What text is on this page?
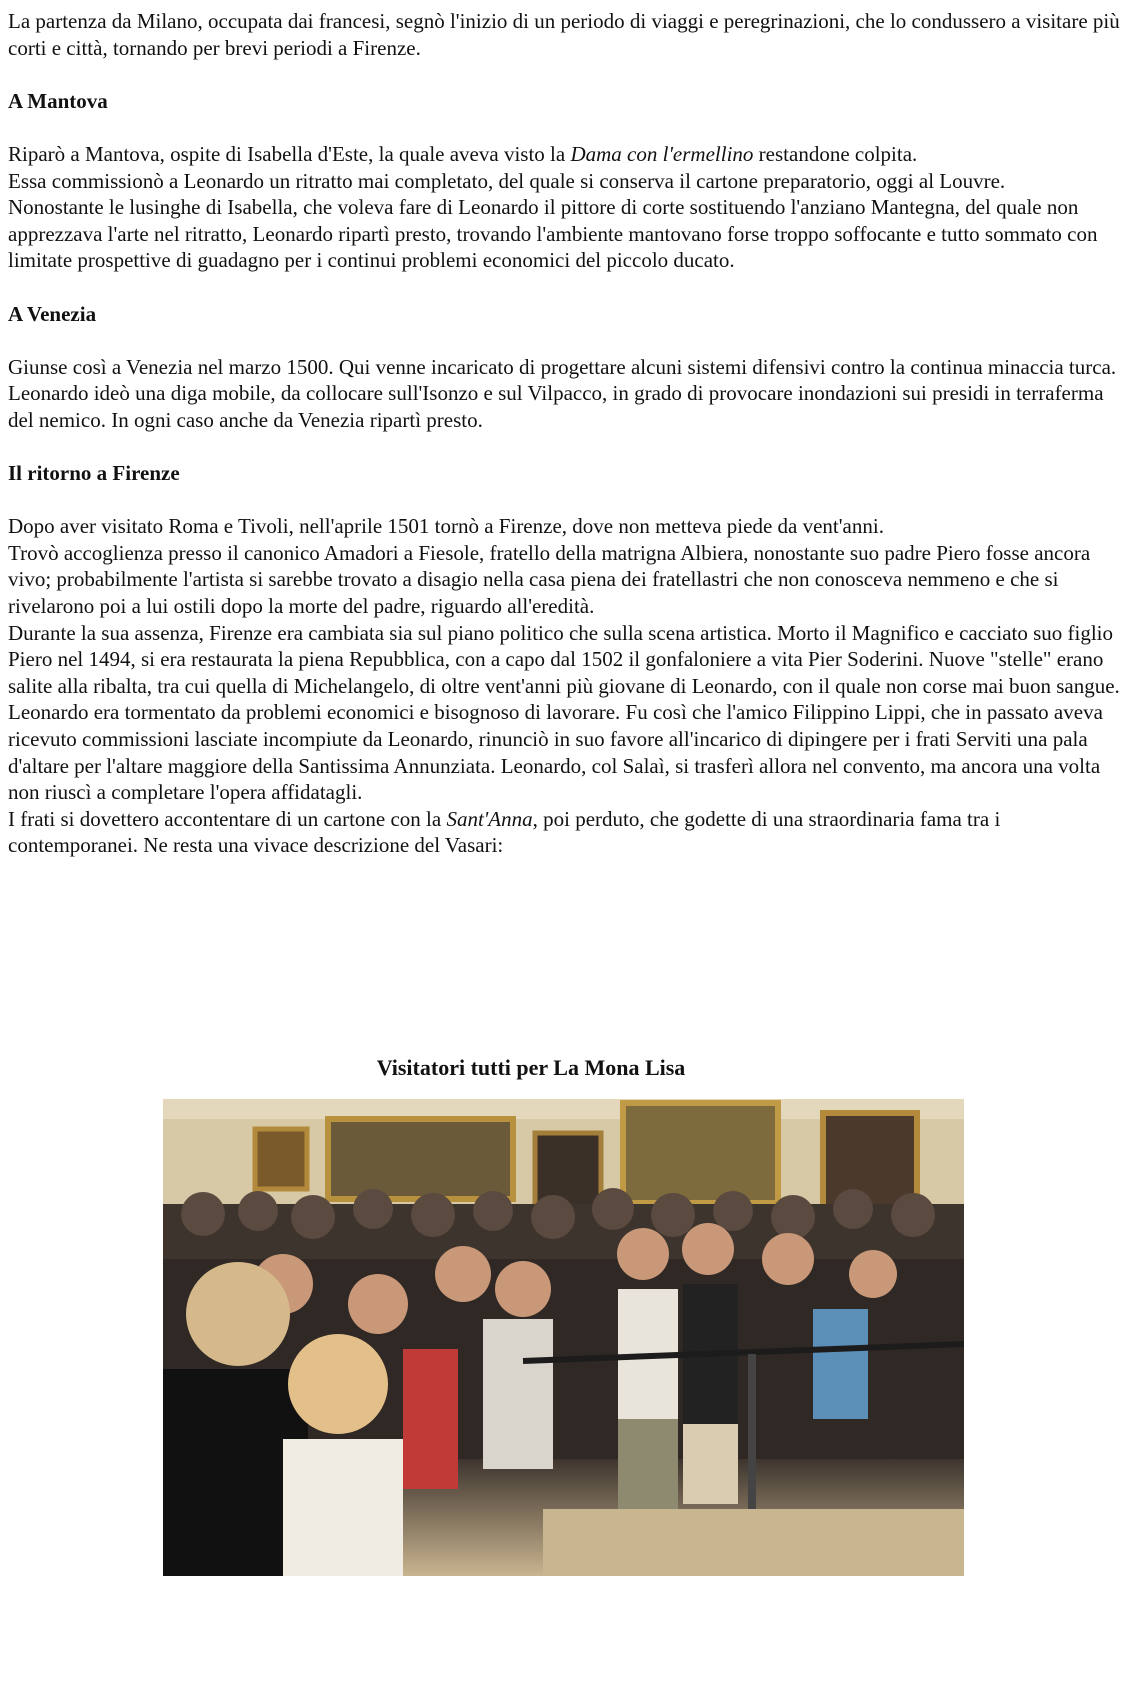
La partenza da Milano, occupata dai francesi, segnò l'inizio di un periodo di viaggi e peregrinazioni, che lo condussero a visitare più corti e città, tornando per brevi periodi a Firenze.

A Mantova

Riparò a Mantova, ospite di Isabella d'Este, la quale aveva visto la Dama con l'ermellino restandone colpita.

Essa commissionò a Leonardo un ritratto mai completato, del quale si conserva il cartone preparatorio, oggi al Louvre.

Nonostante le lusinghe di Isabella, che voleva fare di Leonardo il pittore di corte sostituendo l'anziano Mantegna, del quale non apprezzava l'arte nel ritratto, Leonardo ripartì presto, trovando l'ambiente mantovano forse troppo soffocante e tutto sommato con limitate prospettive di guadagno per i continui problemi economici del piccolo ducato.

A Venezia

Giunse così a Venezia nel marzo 1500. Qui venne incaricato di progettare alcuni sistemi difensivi contro la continua minaccia turca. Leonardo ideò una diga mobile, da collocare sull'Isonzo e sul Vilpacco, in grado di provocare inondazioni sui presidi in terraferma del nemico. In ogni caso anche da Venezia ripartì presto.

Il ritorno a Firenze

Dopo aver visitato Roma e Tivoli, nell'aprile 1501 tornò a Firenze, dove non metteva piede da vent'anni.

Trovò accoglienza presso il canonico Amadori a Fiesole, fratello della matrigna Albiera, nonostante suo padre Piero fosse ancora vivo; probabilmente l'artista si sarebbe trovato a disagio nella casa piena dei fratellastri che non conosceva nemmeno e che si rivelarono poi a lui ostili dopo la morte del padre, riguardo all'eredità.

Durante la sua assenza, Firenze era cambiata sia sul piano politico che sulla scena artistica. Morto il Magnifico e cacciato suo figlio Piero nel 1494, si era restaurata la piena Repubblica, con a capo dal 1502 il gonfaloniere a vita Pier Soderini. Nuove "stelle" erano salite alla ribalta, tra cui quella di Michelangelo, di oltre vent'anni più giovane di Leonardo, con il quale non corse mai buon sangue.

Leonardo era tormentato da problemi economici e bisognoso di lavorare. Fu così che l'amico Filippino Lippi, che in passato aveva ricevuto commissioni lasciate incompiute da Leonardo, rinunciò in suo favore all'incarico di dipingere per i frati Serviti una pala d'altare per l'altare maggiore della Santissima Annunziata. Leonardo, col Salaì, si trasferì allora nel convento, ma ancora una volta non riuscì a completare l'opera affidatagli.

I frati si dovettero accontentare di un cartone con la Sant'Anna, poi perduto, che godette di una straordinaria fama tra i contemporanei. Ne resta una vivace descrizione del Vasari:

Visitatori tutti per La Mona Lisa
